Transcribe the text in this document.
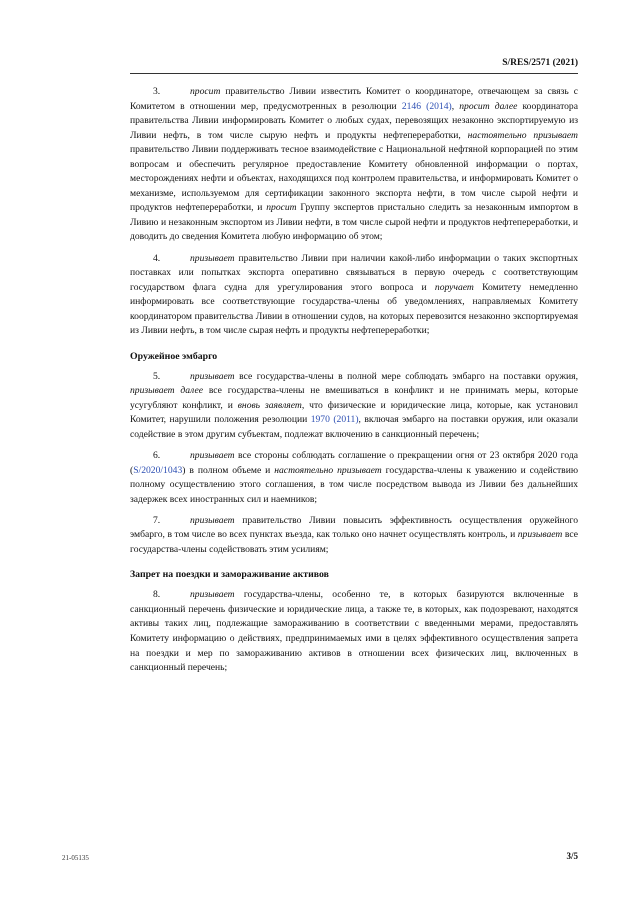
S/RES/2571 (2021)

3.	просит правительство Ливии известить Комитет о координаторе, отвечающем за связь с Комитетом в отношении мер, предусмотренных в резолюции 2146 (2014), просит далее координатора правительства Ливии информировать Комитет о любых судах, перевозящих незаконно экспортируемую из Ливии нефть, в том числе сырую нефть и продукты нефтепереработки, настоятельно призывает правительство Ливии поддерживать тесное взаимодействие с Национальной нефтяной корпорацией по этим вопросам и обеспечить регулярное предоставление Комитету обновленной информации о портах, месторождениях нефти и объектах, находящихся под контролем правительства, и информировать Комитет о механизме, используемом для сертификации законного экспорта нефти, в том числе сырой нефти и продуктов нефтепереработки, и просит Группу экспертов пристально следить за незаконным импортом в Ливию и незаконным экспортом из Ливии нефти, в том числе сырой нефти и продуктов нефтепереработки, и доводить до сведения Комитета любую информацию об этом;

4.	призывает правительство Ливии при наличии какой-либо информации о таких экспортных поставках или попытках экспорта оперативно связываться в первую очередь с соответствующим государством флага судна для урегулирования этого вопроса и поручает Комитету немедленно информировать все соответствующие государства-члены об уведомлениях, направляемых Комитету координатором правительства Ливии в отношении судов, на которых перевозится незаконно экспортируемая из Ливии нефть, в том числе сырая нефть и продукты нефтепереработки;

Оружейное эмбарго

5.	призывает все государства-члены в полной мере соблюдать эмбарго на поставки оружия, призывает далее все государства-члены не вмешиваться в конфликт и не принимать меры, которые усугубляют конфликт, и вновь заявляет, что физические и юридические лица, которые, как установил Комитет, нарушили положения резолюции 1970 (2011), включая эмбарго на поставки оружия, или оказали содействие в этом другим субъектам, подлежат включению в санкционный перечень;

6.	призывает все стороны соблюдать соглашение о прекращении огня от 23 октября 2020 года (S/2020/1043) в полном объеме и настоятельно призывает государства-члены к уважению и содействию полному осуществлению этого соглашения, в том числе посредством вывода из Ливии без дальнейших задержек всех иностранных сил и наемников;

7.	призывает правительство Ливии повысить эффективность осуществления оружейного эмбарго, в том числе во всех пунктах въезда, как только оно начнет осуществлять контроль, и призывает все государства-члены содействовать этим усилиям;

Запрет на поездки и замораживание активов

8.	призывает государства-члены, особенно те, в которых базируются включенные в санкционный перечень физические и юридические лица, а также те, в которых, как подозревают, находятся активы таких лиц, подлежащие замораживанию в соответствии с введенными мерами, предоставлять Комитету информацию о действиях, предпринимаемых ими в целях эффективного осуществления запрета на поездки и мер по замораживанию активов в отношении всех физических лиц, включенных в санкционный перечень;

21-05135	3/5
